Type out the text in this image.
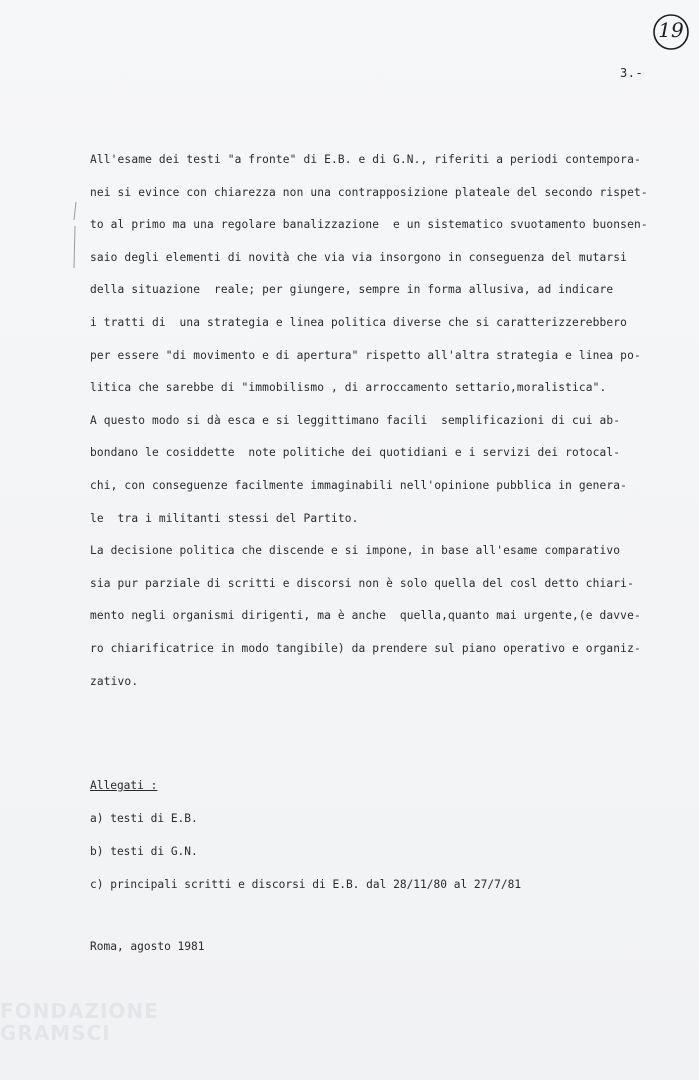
19
3.-
All'esame dei testi "a fronte" di E.B. e di G.N., riferiti a periodi contempora-
nei si evince con chiarezza non una contrapposizione plateale del secondo rispet-
to al primo ma una regolare banalizzazione  e un sistematico svuotamento buonsen-
saio degli elementi di novità che via via insorgono in conseguenza del mutarsi
della situazione  reale; per giungere, sempre in forma allusiva, ad indicare
i tratti di  una strategia e linea politica diverse che si caratterizzerebbero
per essere "di movimento e di apertura" rispetto all'altra strategia e linea po-
litica che sarebbe di "immobilismo , di arroccamento settario,moralistica".
A questo modo si dà esca e si leggittimano facili  semplificazioni di cui ab-
bondano le cosiddette  note politiche dei quotidiani e i servizi dei rotocal-
chi, con conseguenze facilmente immaginabili nell'opinione pubblica in genera-
le  tra i militanti stessi del Partito.
La decisione politica che discende e si impone, in base all'esame comparativo
sia pur parziale di scritti e discorsi non è solo quella del cosl detto chiari-
mento negli organismi dirigenti, ma è anche  quella,quanto mai urgente,(e davve-
ro chiarificatrice in modo tangibile) da prendere sul piano operativo e organiz-
zativo.
Allegati :
a) testi di E.B.
b) testi di G.N.
c) principali scritti e discorsi di E.B. dal 28/11/80 al 27/7/81
Roma, agosto 1981
FONDAZIONE
GRAMSCI
